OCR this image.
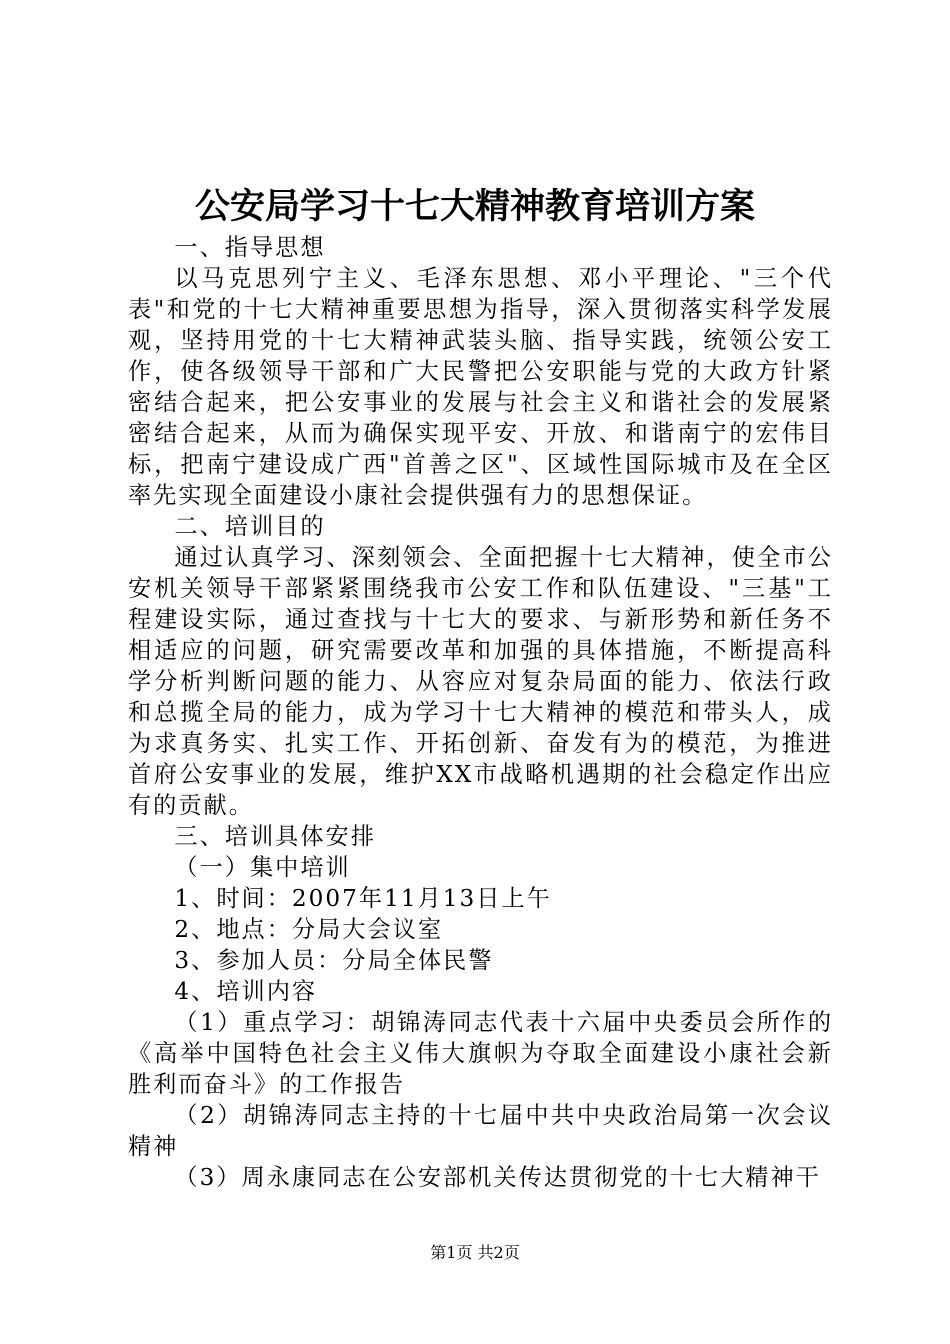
公安局学习十七大精神教育培训方案

一、指导思想

以马克思列宁主义、毛泽东思想、邓小平理论、"三个代表"和党的十七大精神重要思想为指导，深入贯彻落实科学发展观，坚持用党的十七大精神武装头脑、指导实践，统领公安工作，使各级领导干部和广大民警把公安职能与党的大政方针紧密结合起来，把公安事业的发展与社会主义和谐社会的发展紧密结合起来，从而为确保实现平安、开放、和谐南宁的宏伟目标，把南宁建设成广西"首善之区"、区域性国际城市及在全区率先实现全面建设小康社会提供强有力的思想保证。

二、培训目的

通过认真学习、深刻领会、全面把握十七大精神，使全市公安机关领导干部紧紧围绕我市公安工作和队伍建设、"三基"工程建设实际，通过查找与十七大的要求、与新形势和新任务不相适应的问题，研究需要改革和加强的具体措施，不断提高科学分析判断问题的能力、从容应对复杂局面的能力、依法行政和总揽全局的能力，成为学习十七大精神的模范和带头人，成为求真务实、扎实工作、开拓创新、奋发有为的模范，为推进首府公安事业的发展，维护XX市战略机遇期的社会稳定作出应有的贡献。

三、培训具体安排

（一）集中培训

1、时间：2007年11月13日上午

2、地点：分局大会议室

3、参加人员：分局全体民警

4、培训内容

（1）重点学习：胡锦涛同志代表十六届中央委员会所作的《高举中国特色社会主义伟大旗帜为夺取全面建设小康社会新胜利而奋斗》的工作报告

（2）胡锦涛同志主持的十七届中共中央政治局第一次会议精神

（3）周永康同志在公安部机关传达贯彻党的十七大精神干

第1页 共2页
